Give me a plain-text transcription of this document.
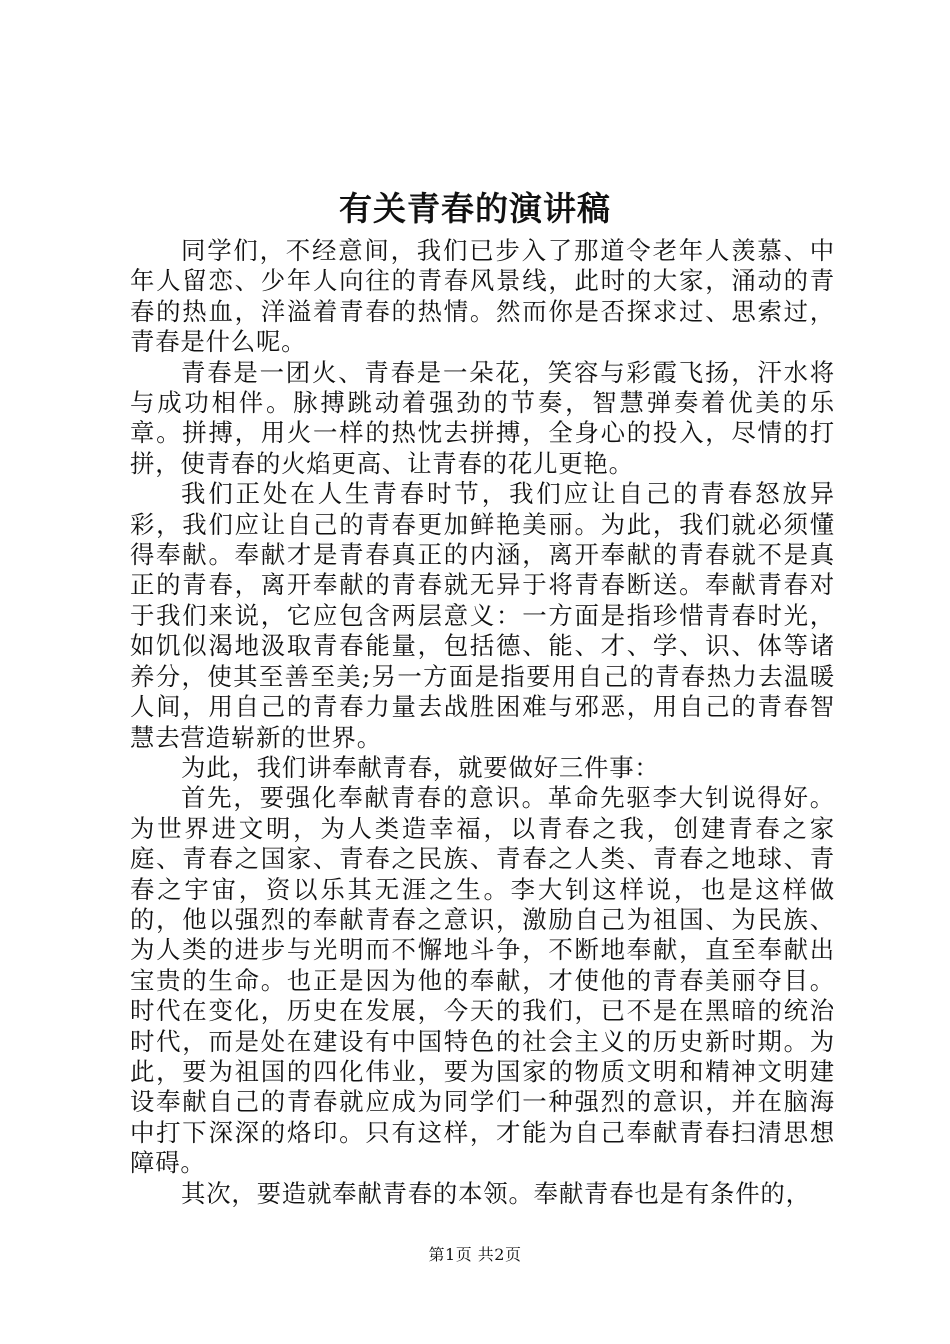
有关青春的演讲稿

同学们，不经意间，我们已步入了那道令老年人羡慕、中年人留恋、少年人向往的青春风景线，此时的大家，涌动的青春的热血，洋溢着青春的热情。然而你是否探求过、思索过，青春是什么呢。

青春是一团火、青春是一朵花，笑容与彩霞飞扬，汗水将与成功相伴。脉搏跳动着强劲的节奏，智慧弹奏着优美的乐章。拼搏，用火一样的热忱去拼搏，全身心的投入，尽情的打拼，使青春的火焰更高、让青春的花儿更艳。

我们正处在人生青春时节，我们应让自己的青春怒放异彩，我们应让自己的青春更加鲜艳美丽。为此，我们就必须懂得奉献。奉献才是青春真正的内涵，离开奉献的青春就不是真正的青春，离开奉献的青春就无异于将青春断送。奉献青春对于我们来说，它应包含两层意义：一方面是指珍惜青春时光，如饥似渴地汲取青春能量，包括德、能、才、学、识、体等诸养分，使其至善至美;另一方面是指要用自己的青春热力去温暖人间，用自己的青春力量去战胜困难与邪恶，用自己的青春智慧去营造崭新的世界。

为此，我们讲奉献青春，就要做好三件事：

首先，要强化奉献青春的意识。革命先驱李大钊说得好。为世界进文明，为人类造幸福，以青春之我，创建青春之家庭、青春之国家、青春之民族、青春之人类、青春之地球、青春之宇宙，资以乐其无涯之生。李大钊这样说，也是这样做的，他以强烈的奉献青春之意识，激励自己为祖国、为民族、为人类的进步与光明而不懈地斗争，不断地奉献，直至奉献出宝贵的生命。也正是因为他的奉献，才使他的青春美丽夺目。时代在变化，历史在发展，今天的我们，已不是在黑暗的统治时代，而是处在建设有中国特色的社会主义的历史新时期。为此，要为祖国的四化伟业，要为国家的物质文明和精神文明建设奉献自己的青春就应成为同学们一种强烈的意识，并在脑海中打下深深的烙印。只有这样，才能为自己奉献青春扫清思想障碍。

其次，要造就奉献青春的本领。奉献青春也是有条件的，

第1页 共2页
